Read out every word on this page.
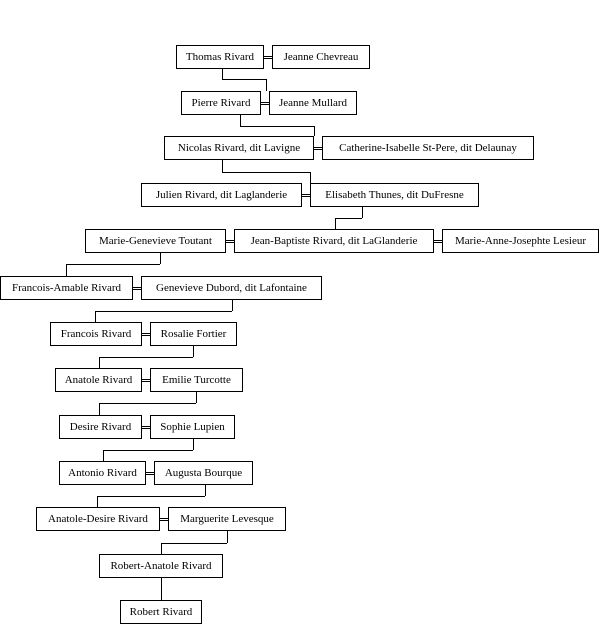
Thomas Rivard	Jeanne Chevreau
Pierre Rivard	Jeanne Mullard
Nicolas Rivard, dit Lavigne	Catherine-Isabelle St-Pere, dit Delaunay
Julien Rivard, dit Laglanderie	Elisabeth Thunes, dit DuFresne
Marie-Genevieve Toutant	Jean-Baptiste Rivard, dit LaGlanderie	Marie-Anne-Josephte Lesieur
Francois-Amable Rivard	Genevieve Dubord, dit Lafontaine
Francois Rivard	Rosalie Fortier
Anatole Rivard	Emilie Turcotte
Desire Rivard	Sophie Lupien
Antonio Rivard	Augusta Bourque
Anatole-Desire Rivard	Marguerite Levesque
Robert-Anatole Rivard
Robert Rivard
